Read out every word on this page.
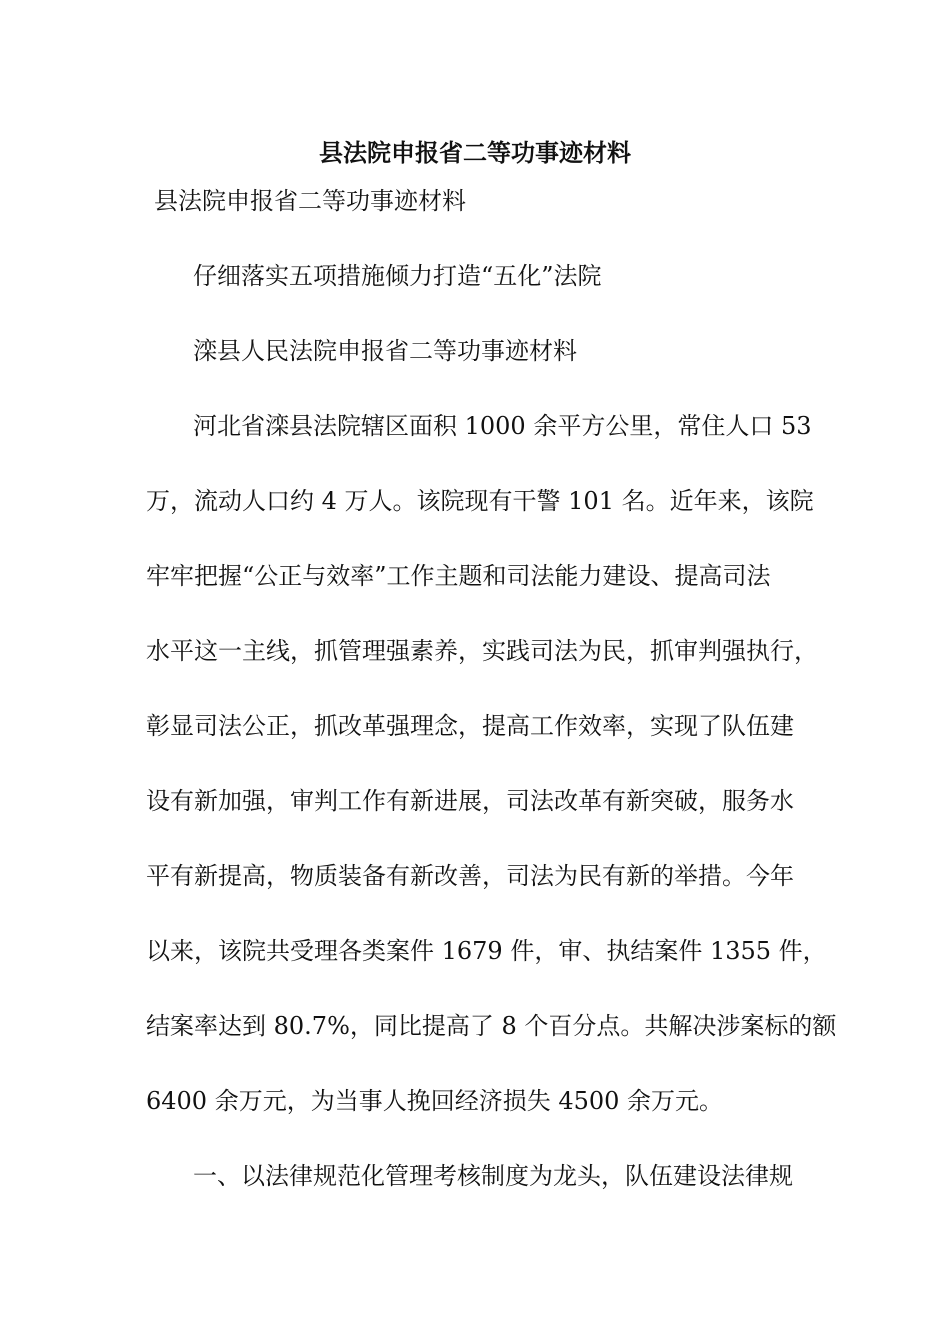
县法院申报省二等功事迹材料
县法院申报省二等功事迹材料
仔细落实五项措施倾力打造“五化”法院
滦县人民法院申报省二等功事迹材料
河北省滦县法院辖区面积 1000 余平方公里，常住人口 53
万，流动人口约 4 万人。该院现有干警 101 名。近年来，该院
牢牢把握“公正与效率”工作主题和司法能力建设、提高司法
水平这一主线，抓管理强素养，实践司法为民，抓审判强执行，
彰显司法公正，抓改革强理念，提高工作效率，实现了队伍建
设有新加强，审判工作有新进展，司法改革有新突破，服务水
平有新提高，物质装备有新改善，司法为民有新的举措。今年
以来，该院共受理各类案件 1679 件，审、执结案件 1355 件，
结案率达到 80.7%，同比提高了 8 个百分点。共解决涉案标的额
6400 余万元，为当事人挽回经济损失 4500 余万元。
一、以法律规范化管理考核制度为龙头，队伍建设法律规
